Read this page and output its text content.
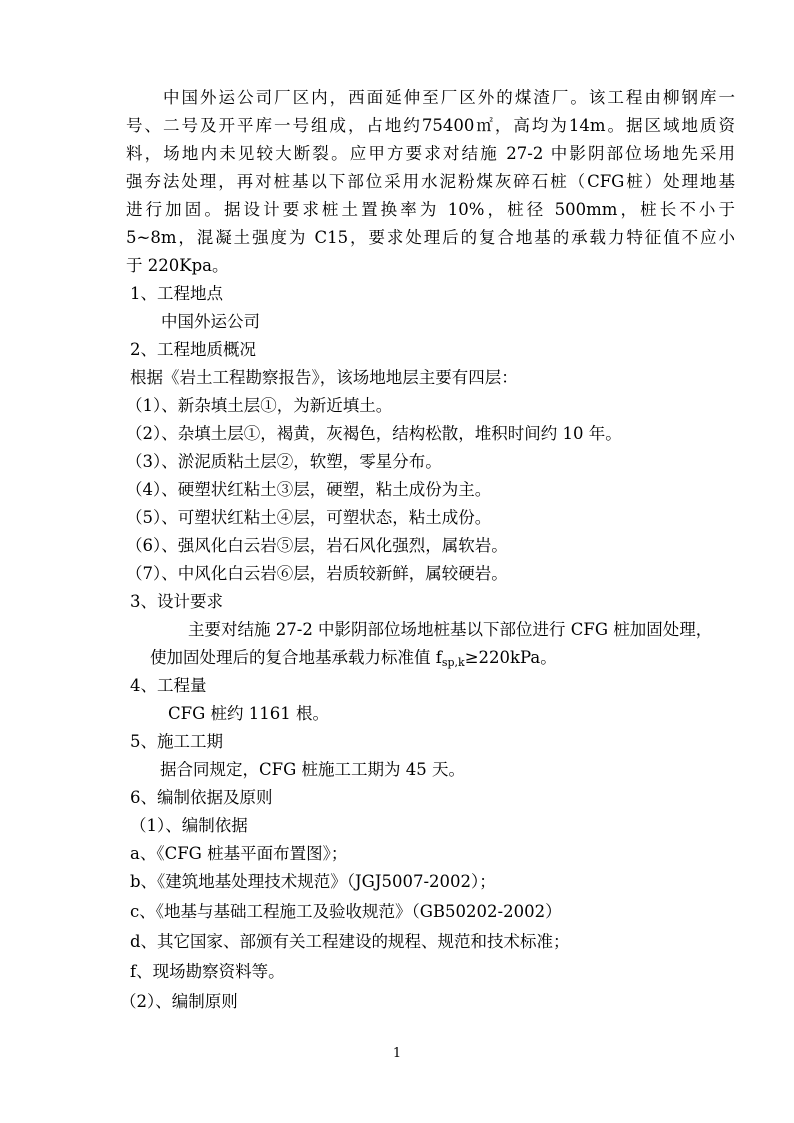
中国外运公司厂区内，西面延伸至厂区外的煤渣厂。该工程由柳钢库一
号、二号及开平库一号组成，占地约75400㎡，高均为14m。据区域地质资
料，场地内未见较大断裂。应甲方要求对结施 27-2 中影阴部位场地先采用
强夯法处理，再对桩基以下部位采用水泥粉煤灰碎石桩（CFG桩）处理地基
进行加固。据设计要求桩土置换率为 10%，桩径 500mm，桩长不小于
5~8m，混凝土强度为 C15，要求处理后的复合地基的承载力特征值不应小
于 220Kpa。
1、工程地点
中国外运公司
2、工程地质概况
根据《岩土工程勘察报告》，该场地地层主要有四层：
（1）、新杂填土层①，为新近填土。
（2）、杂填土层①，褐黄，灰褐色，结构松散，堆积时间约 10 年。
（3）、淤泥质粘土层②，软塑，零星分布。
（4）、硬塑状红粘土③层，硬塑，粘土成份为主。
（5）、可塑状红粘土④层，可塑状态，粘土成份。
（6）、强风化白云岩⑤层，岩石风化强烈，属软岩。
（7）、中风化白云岩⑥层，岩质较新鲜，属较硬岩。
3、设计要求
主要对结施 27-2 中影阴部位场地桩基以下部位进行 CFG 桩加固处理，
使加固处理后的复合地基承载力标准值 $f_{sp,k}\ge 220kPa$。
4、工程量
CFG 桩约 1161 根。
5、施工工期
据合同规定，CFG 桩施工工期为 45 天。
6、编制依据及原则
（1）、编制依据
a、《CFG 桩基平面布置图》；
b、《建筑地基处理技术规范》（JGJ5007-2002）；
c、《地基与基础工程施工及验收规范》（GB50202-2002）
d、其它国家、部颁有关工程建设的规程、规范和技术标准；
f、现场勘察资料等。
（2）、编制原则
1
